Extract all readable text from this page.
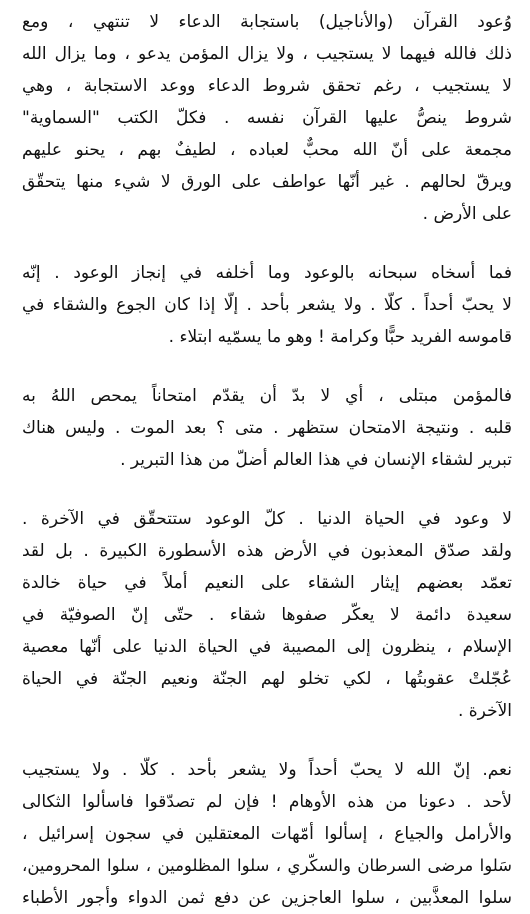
وُعود القرآن (والأناجيل) باستجابة الدعاء لا تنتهي ، ومع
ذلك فالله فيهما لا يستجيب ، ولا يزال المؤمن يدعو ، وما يزال الله
لا يستجيب ، رغم تحقق شروط الدعاء ووعد الاستجابة ، وهي
شروط ينصُّ عليها القرآن نفسه . فكلّ الكتب "السماوية"
مجمعة على أنّ الله محبٌّ لعباده ، لطيفٌ بهم ، يحنو عليهم
ويرقّ لحالهم . غير أنّها عواطف على الورق لا شيء منها يتحقّق
على الأرض .

فما أسخاه سبحانه بالوعود وما أخلفه في إنجاز الوعود . إنّه
لا يحبّ أحداً . كلّا . ولا يشعر بأحد . إلّا إذا كان الجوع والشقاء في
قاموسه الفريد حبًّا وكرامة ! وهو ما يسمّيه ابتلاء .

فالمؤمن مبتلى ، أي لا بدّ أن يقدّم امتحاناً يمحص اللهُ به
قلبه . ونتيجة الامتحان ستظهر . متى ؟ بعد الموت . وليس هناك
تبرير لشقاء الإنسان في هذا العالم أضلّ من هذا التبرير .

لا وعود في الحياة الدنيا . كلّ الوعود ستتحقّق في الآخرة .
ولقد صدّق المعذبون في الأرض هذه الأسطورة الكبيرة . بل لقد
تعمّد بعضهم إيثار الشقاء على النعيم أملاً في حياة خالدة
سعيدة دائمة لا يعكّر صفوها شقاء . حتّى إنّ الصوفيّة في
الإسلام ، ينظرون إلى المصيبة في الحياة الدنيا على أنّها معصية
عُجّلتْ عقوبتُها ، لكي تخلو لهم الجنّة ونعيم الجنّة في الحياة
الآخرة .

نعم. إنّ الله لا يحبّ أحداً ولا يشعر بأحد . كلّا . ولا يستجيب
لأحد . دعونا من هذه الأوهام ! فإن لم تصدّقوا فاسألوا الثكالى
والأرامل والجياع ، إسألوا أمّهات المعتقلين في سجون إسرائيل ،
سَلوا مرضى السرطان والسكّري ، سلوا المظلومين ، سلوا المحرومين،
سلوا المعذَّبين ، سلوا العاجزين عن دفع ثمن الدواء وأجور الأطباء
